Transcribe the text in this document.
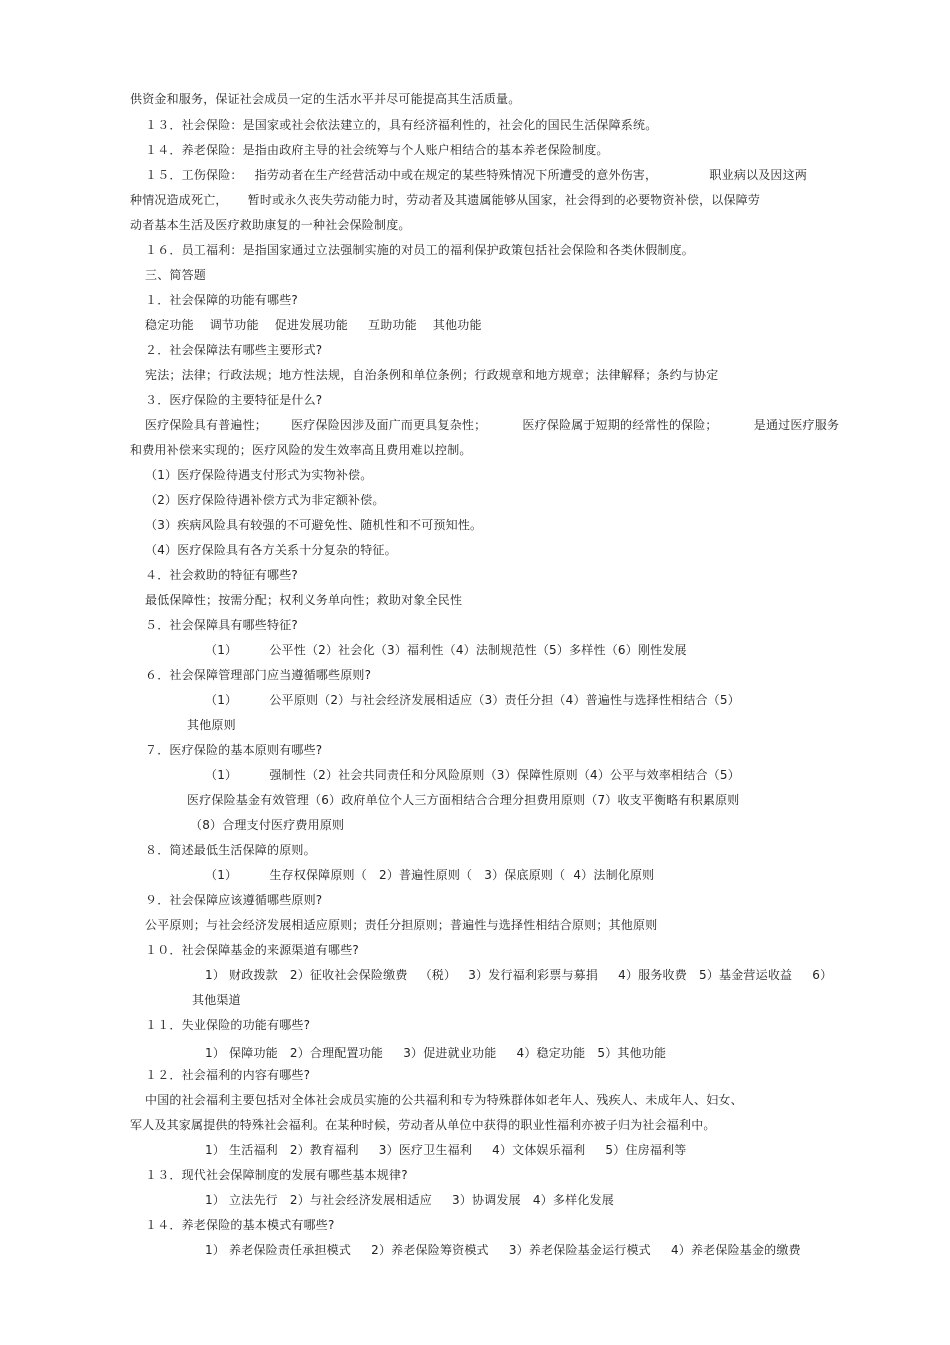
供资金和服务，保证社会成员一定的生活水平并尽可能提高其生活质量。
１３．社会保险：是国家或社会依法建立的，具有经济福利性的，社会化的国民生活保障系统。
１４．养老保险：是指由政府主导的社会统筹与个人账户相结合的基本养老保险制度。
１５．工伤保险：   指劳动者在生产经营活动中或在规定的某些特殊情况下所遭受的意外伤害，             职业病以及因这两
种情况造成死亡，     暂时或永久丧失劳动能力时，劳动者及其遗属能够从国家，社会得到的必要物资补偿，以保障劳
动者基本生活及医疗救助康复的一种社会保险制度。
１６．员工福利：是指国家通过立法强制实施的对员工的福利保护政策包括社会保险和各类休假制度。
三、简答题
１．社会保障的功能有哪些?
稳定功能    调节功能    促进发展功能     互助功能    其他功能
２．社会保障法有哪些主要形式?
宪法；法律；行政法规；地方性法规，自治条例和单位条例；行政规章和地方规章；法律解释；条约与协定
３．医疗保险的主要特征是什么?
医疗保险具有普遍性；      医疗保险因涉及面广而更具复杂性；         医疗保险属于短期的经常性的保险；         是通过医疗服务
和费用补偿来实现的；医疗风险的发生效率高且费用难以控制。
（1）医疗保险待遇支付形式为实物补偿。
（2）医疗保险待遇补偿方式为非定额补偿。
（3）疾病风险具有较强的不可避免性、随机性和不可预知性。
（4）医疗保险具有各方关系十分复杂的特征。
４．社会救助的特征有哪些?
最低保障性；按需分配；权利义务单向性；救助对象全民性
５．社会保障具有哪些特征?
（1）        公平性（2）社会化（3）福利性（4）法制规范性（5）多样性（6）刚性发展
６．社会保障管理部门应当遵循哪些原则?
（1）        公平原则（2）与社会经济发展相适应（3）责任分担（4）普遍性与选择性相结合（5）
其他原则
７．医疗保险的基本原则有哪些?
（1）        强制性（2）社会共同责任和分风险原则（3）保障性原则（4）公平与效率相结合（5）
医疗保险基金有效管理（6）政府单位个人三方面相结合合理分担费用原则（7）收支平衡略有积累原则
（8）合理支付医疗费用原则
８．简述最低生活保障的原则。
（1）        生存权保障原则（   2）普遍性原则（   3）保底原则（  4）法制化原则
９．社会保障应该遵循哪些原则?
公平原则；与社会经济发展相适应原则；责任分担原则；普遍性与选择性相结合原则；其他原则
１０．社会保障基金的来源渠道有哪些?
1） 财政拨款   2）征收社会保险缴费   （税）   3）发行福利彩票与募捐     4）服务收费   5）基金营运收益     6）
其他渠道
１１．失业保险的功能有哪些?
1） 保障功能   2）合理配置功能     3）促进就业功能     4）稳定功能   5）其他功能
１２．社会福利的内容有哪些?
中国的社会福利主要包括对全体社会成员实施的公共福利和专为特殊群体如老年人、残疾人、未成年人、妇女、
军人及其家属提供的特殊社会福利。在某种时候，劳动者从单位中获得的职业性福利亦被子归为社会福利中。
1） 生活福利   2）教育福利     3）医疗卫生福利     4）文体娱乐福利     5）住房福利等
１３．现代社会保障制度的发展有哪些基本规律?
1） 立法先行   2）与社会经济发展相适应     3）协调发展   4）多样化发展
１４．养老保险的基本模式有哪些?
1） 养老保险责任承担模式     2）养老保险筹资模式     3）养老保险基金运行模式     4）养老保险基金的缴费
